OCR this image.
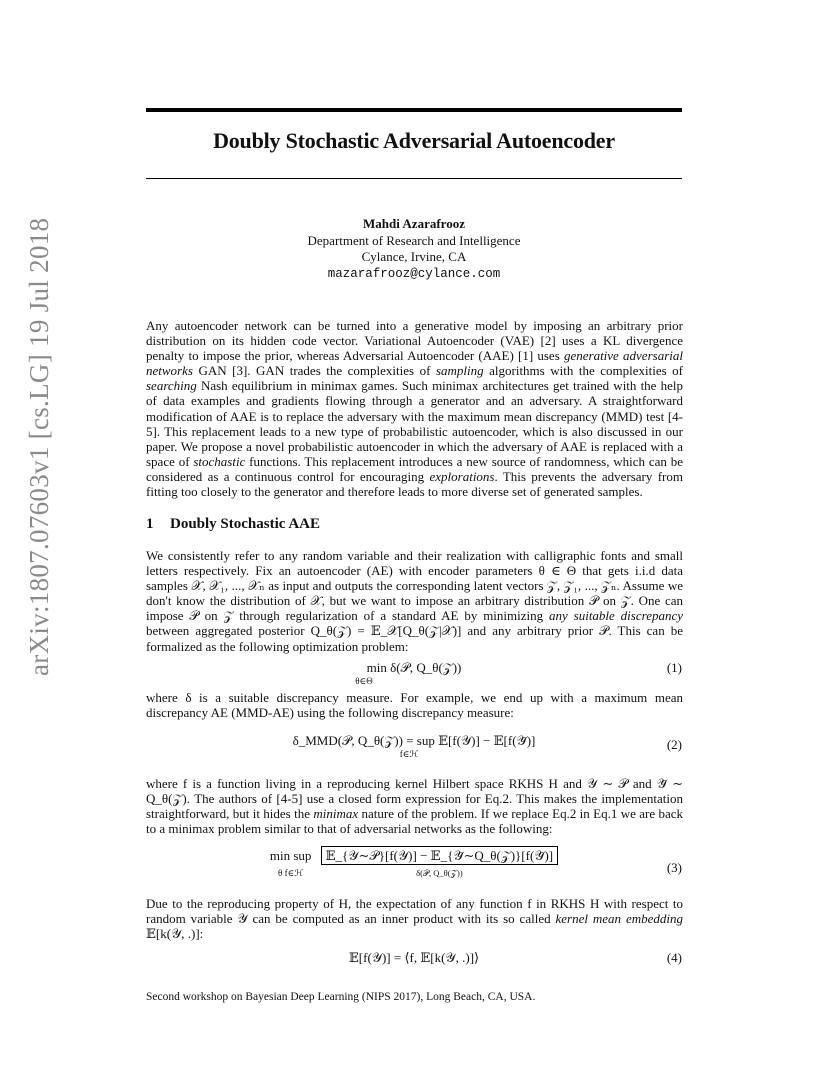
arXiv:1807.07603v1 [cs.LG] 19 Jul 2018
Doubly Stochastic Adversarial Autoencoder
Mahdi Azarafrooz
Department of Research and Intelligence
Cylance, Irvine, CA
mazarafrooz@cylance.com
Any autoencoder network can be turned into a generative model by imposing an arbitrary prior distribution on its hidden code vector. Variational Autoencoder (VAE) [2] uses a KL divergence penalty to impose the prior, whereas Adversarial Autoencoder (AAE) [1] uses generative adversarial networks GAN [3]. GAN trades the complexities of sampling algorithms with the complexities of searching Nash equilibrium in minimax games. Such minimax architectures get trained with the help of data examples and gradients flowing through a generator and an adversary. A straightforward modification of AAE is to replace the adversary with the maximum mean discrepancy (MMD) test [4-5]. This replacement leads to a new type of probabilistic autoencoder, which is also discussed in our paper. We propose a novel probabilistic autoencoder in which the adversary of AAE is replaced with a space of stochastic functions. This replacement introduces a new source of randomness, which can be considered as a continuous control for encouraging explorations. This prevents the adversary from fitting too closely to the generator and therefore leads to more diverse set of generated samples.
1 Doubly Stochastic AAE
We consistently refer to any random variable and their realization with calligraphic fonts and small letters respectively. Fix an autoencoder (AE) with encoder parameters θ ∈ Θ that gets i.i.d data samples 𝒳, 𝒳₁, ..., 𝒳ₙ as input and outputs the corresponding latent vectors 𝒵, 𝒵₁, ..., 𝒵ₙ. Assume we don't know the distribution of 𝒳, but we want to impose an arbitrary distribution 𝒫 on 𝒵. One can impose 𝒫 on 𝒵 through regularization of a standard AE by minimizing any suitable discrepancy between aggregated posterior Q_θ(𝒵) = 𝔼_𝒳[Q_θ(𝒵|𝒳)] and any arbitrary prior 𝒫. This can be formalized as the following optimization problem:
min δ(𝒫, Q_θ(𝒵))
θ∈Θ
(1)
where δ is a suitable discrepancy measure. For example, we end up with a maximum mean discrepancy AE (MMD-AE) using the following discrepancy measure:
δ_MMD(𝒫, Q_θ(𝒵)) = sup 𝔼[f(𝒴)] − 𝔼[f(𝒴̃)]
f∈ℋ
(2)
where f is a function living in a reproducing kernel Hilbert space RKHS H and 𝒴 ∼ 𝒫 and 𝒴̃ ∼ Q_θ(𝒵). The authors of [4-5] use a closed form expression for Eq.2. This makes the implementation straightforward, but it hides the minimax nature of the problem. If we replace Eq.2 in Eq.1 we are back to a minimax problem similar to that of adversarial networks as the following:
min sup
θ f∈ℋ 𝔼_{𝒴∼𝒫}[f(𝒴)] − 𝔼_{𝒴̃∼Q_θ(𝒵)}[f(𝒴̃)]
δ(𝒫, Q_θ(𝒵))	(3)
Due to the reproducing property of H, the expectation of any function f in RKHS H with respect to random variable 𝒴 can be computed as an inner product with its so called kernel mean embedding 𝔼[k(𝒴, .)]:
𝔼[f(𝒴)] = ⟨f, 𝔼[k(𝒴, .)]⟩	(4)
Second workshop on Bayesian Deep Learning (NIPS 2017), Long Beach, CA, USA.
